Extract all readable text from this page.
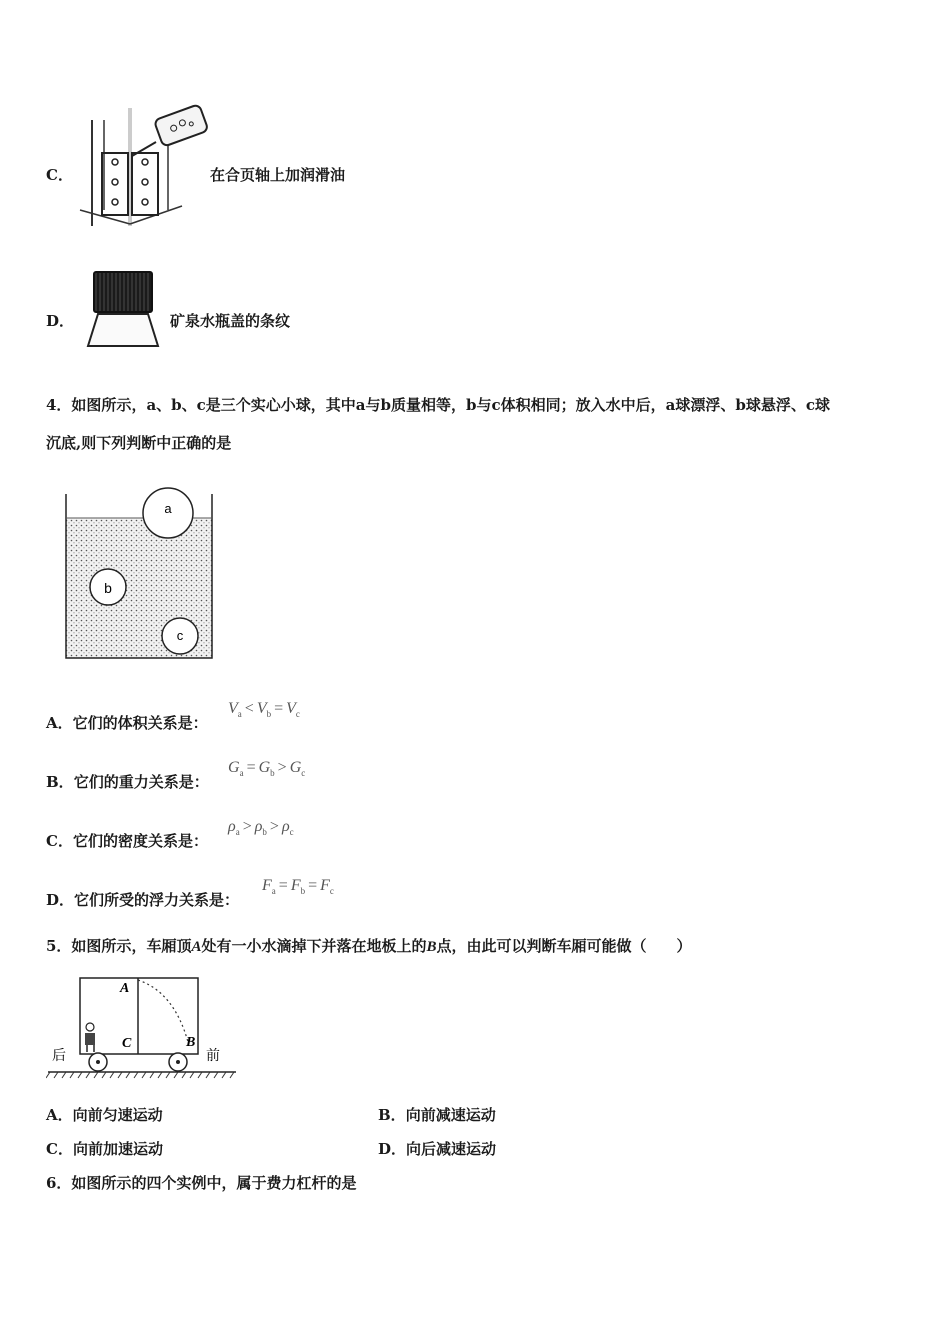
C．	在合页轴上加润滑油
D．	矿泉水瓶盖的条纹
4．如图所示，a、b、c是三个实心小球，其中a与b质量相等，b与c体积相同；放入水中后，a球漂浮、b球悬浮、c球
沉底,则下列判断中正确的是
a
b
c
A．它们的体积关系是：
$V_a < V_b = V_c$
B．它们的重力关系是：
$G_a = G_b > G_c$
C．它们的密度关系是：
$\rho_a > \rho_b > \rho_c$
D．它们所受的浮力关系是：
$F_a = F_b = F_c$
5．如图所示，车厢顶A处有一小水滴掉下并落在地板上的B点，由此可以判断车厢可能做（　　）
A
C	B
后	前
A．向前匀速运动	B．向前减速运动
C．向前加速运动	D．向后减速运动
6．如图所示的四个实例中，属于费力杠杆的是
